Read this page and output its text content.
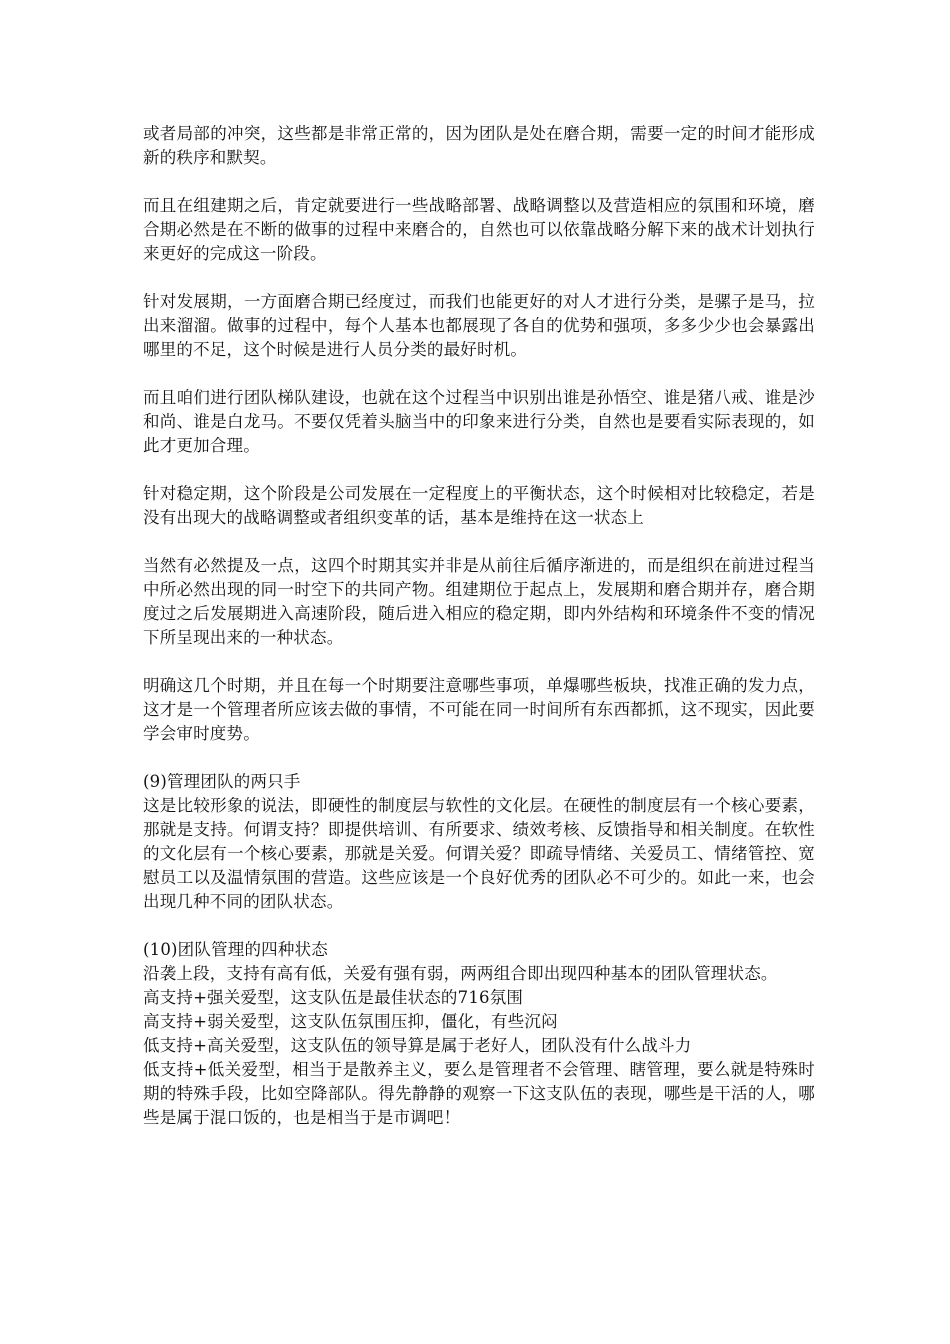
或者局部的冲突，这些都是非常正常的，因为团队是处在磨合期，需要一定的时间才能形成新的秩序和默契。

而且在组建期之后，肯定就要进行一些战略部署、战略调整以及营造相应的氛围和环境，磨合期必然是在不断的做事的过程中来磨合的，自然也可以依靠战略分解下来的战术计划执行来更好的完成这一阶段。

针对发展期，一方面磨合期已经度过，而我们也能更好的对人才进行分类，是骡子是马，拉出来溜溜。做事的过程中，每个人基本也都展现了各自的优势和强项，多多少少也会暴露出哪里的不足，这个时候是进行人员分类的最好时机。

而且咱们进行团队梯队建设，也就在这个过程当中识别出谁是孙悟空、谁是猪八戒、谁是沙和尚、谁是白龙马。不要仅凭着头脑当中的印象来进行分类，自然也是要看实际表现的，如此才更加合理。

针对稳定期，这个阶段是公司发展在一定程度上的平衡状态，这个时候相对比较稳定，若是没有出现大的战略调整或者组织变革的话，基本是维持在这一状态上

当然有必然提及一点，这四个时期其实并非是从前往后循序渐进的，而是组织在前进过程当中所必然出现的同一时空下的共同产物。组建期位于起点上，发展期和磨合期并存，磨合期度过之后发展期进入高速阶段，随后进入相应的稳定期，即内外结构和环境条件不变的情况下所呈现出来的一种状态。

明确这几个时期，并且在每一个时期要注意哪些事项，单爆哪些板块，找准正确的发力点，这才是一个管理者所应该去做的事情，不可能在同一时间所有东西都抓，这不现实，因此要学会审时度势。

(9)管理团队的两只手

这是比较形象的说法，即硬性的制度层与软性的文化层。在硬性的制度层有一个核心要素，那就是支持。何谓支持？即提供培训、有所要求、绩效考核、反馈指导和相关制度。在软性的文化层有一个核心要素，那就是关爱。何谓关爱？即疏导情绪、关爱员工、情绪管控、宽慰员工以及温情氛围的营造。这些应该是一个良好优秀的团队必不可少的。如此一来，也会出现几种不同的团队状态。

(10)团队管理的四种状态

沿袭上段，支持有高有低，关爱有强有弱，两两组合即出现四种基本的团队管理状态。

高支持+强关爱型，这支队伍是最佳状态的716氛围

高支持+弱关爱型，这支队伍氛围压抑，僵化，有些沉闷

低支持+高关爱型，这支队伍的领导算是属于老好人，团队没有什么战斗力

低支持+低关爱型，相当于是散养主义，要么是管理者不会管理、瞎管理，要么就是特殊时期的特殊手段，比如空降部队。得先静静的观察一下这支队伍的表现，哪些是干活的人，哪些是属于混口饭的，也是相当于是市调吧！
